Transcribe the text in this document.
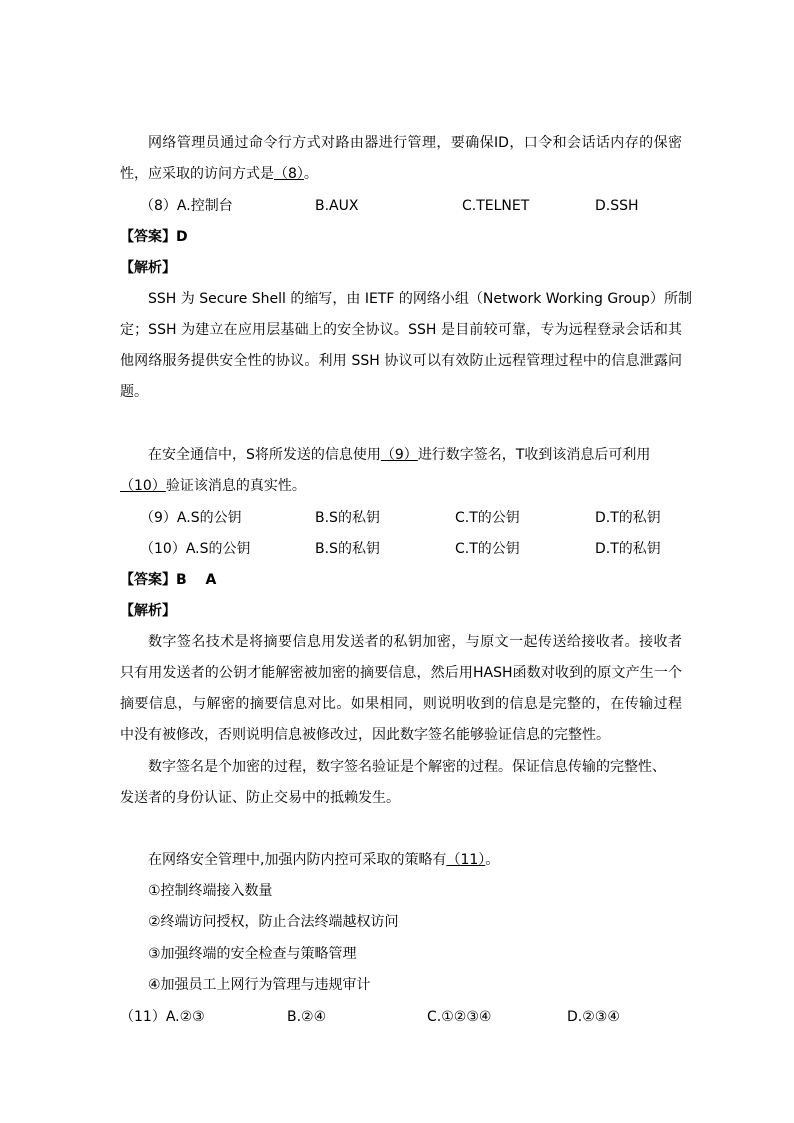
网络管理员通过命令行方式对路由器进行管理，要确保ID，口令和会话话内存的保密
性，应采取的访问方式是（8）。
（8）A.控制台	B.AUX	C.TELNET	D.SSH
【答案】D
【解析】
SSH 为 Secure Shell 的缩写，由 IETF 的网络小组（Network Working Group）所制
定；SSH 为建立在应用层基础上的安全协议。SSH 是目前较可靠，专为远程登录会话和其
他网络服务提供安全性的协议。利用 SSH 协议可以有效防止远程管理过程中的信息泄露问
题。
在安全通信中，S将所发送的信息使用（9）进行数字签名，T收到该消息后可利用
（10）验证该消息的真实性。
（9）A.S的公钥	B.S的私钥	C.T的公钥	D.T的私钥
（10）A.S的公钥	B.S的私钥	C.T的公钥	D.T的私钥
【答案】B　 A
【解析】
数字签名技术是将摘要信息用发送者的私钥加密，与原文一起传送给接收者。接收者
只有用发送者的公钥才能解密被加密的摘要信息，然后用HASH函数对收到的原文产生一个
摘要信息，与解密的摘要信息对比。如果相同，则说明收到的信息是完整的，在传输过程
中没有被修改，否则说明信息被修改过，因此数字签名能够验证信息的完整性。
数字签名是个加密的过程，数字签名验证是个解密的过程。保证信息传输的完整性、
发送者的身份认证、防止交易中的抵赖发生。
在网络安全管理中,加强内防内控可采取的策略有（11）。
①控制终端接入数量
②终端访问授权，防止合法终端越权访问
③加强终端的安全检查与策略管理
④加强员工上网行为管理与违规审计
（11）A.②③	B.②④	C.①②③④	D.②③④
